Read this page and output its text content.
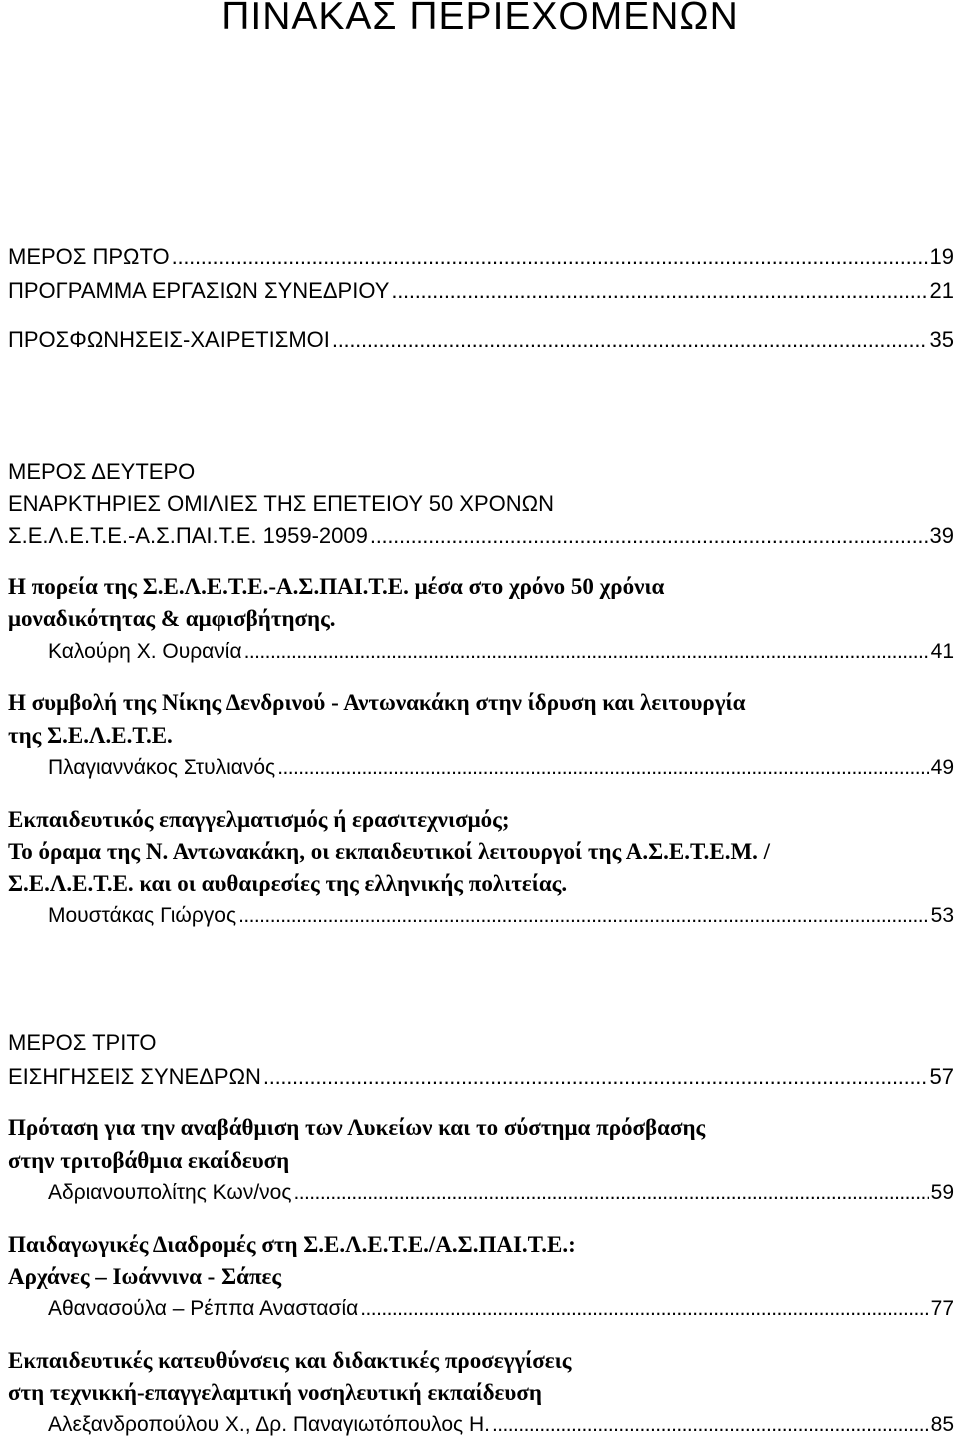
ΠΙΝΑΚΑΣ ΠΕΡΙΕΧΟΜΕΝΩΝ
ΜΕΡΟΣ ΠΡΩΤΟ . . .	19
ΠΡΟΓΡΑΜΜΑ ΕΡΓΑΣΙΩΝ ΣΥΝΕΔΡΙΟΥ . . .	21
ΠΡΟΣΦΩΝΗΣΕΙΣ-ΧΑΙΡΕΤΙΣΜΟΙ . . .	35
ΜΕΡΟΣ ΔΕΥΤΕΡΟ
ΕΝΑΡΚΤΗΡΙΕΣ ΟΜΙΛΙΕΣ ΤΗΣ ΕΠΕΤΕΙΟΥ 50 ΧΡΟΝΩΝ
Σ.Ε.Λ.Ε.Τ.Ε.-Α.Σ.ΠΑΙ.Τ.Ε. 1959-2009 . . .	39
Η πορεία της Σ.Ε.Λ.Ε.Τ.Ε.-Α.Σ.ΠΑΙ.Τ.Ε. μέσα στο χρόνο 50 χρόνια
μοναδικότητας & αμφισβήτησης.
Καλούρη Χ. Ουρανία . . .	41
Η συμβολή της Νίκης Δενδρινού - Αντωνακάκη στην ίδρυση και λειτουργία
της Σ.Ε.Λ.Ε.Τ.Ε.
Πλαγιαννάκος Στυλιανός . . .	49
Εκπαιδευτικός επαγγελματισμός ή ερασιτεχνισμός;
Το όραμα της Ν. Αντωνακάκη, οι εκπαιδευτικοί λειτουργοί της Α.Σ.Ε.Τ.Ε.Μ. /
Σ.Ε.Λ.Ε.Τ.Ε. και οι αυθαιρεσίες της ελληνικής πολιτείας.
Μουστάκας Γιώργος . . .	53
ΜΕΡΟΣ ΤΡΙΤΟ
ΕΙΣΗΓΗΣΕΙΣ ΣΥΝΕΔΡΩΝ . . .	57
Πρόταση για την αναβάθμιση των Λυκείων και το σύστημα πρόσβασης
στην τριτοβάθμια εκαίδευση
Αδριανουπολίτης Κων/νος . . .	59
Παιδαγωγικές Διαδρομές στη Σ.Ε.Λ.Ε.Τ.Ε./Α.Σ.ΠΑΙ.Τ.Ε.:
Αρχάνες – Ιωάννινα - Σάπες
Αθανασούλα – Ρέππα Αναστασία . . .	77
Εκπαιδευτικές κατευθύνσεις και διδακτικές προσεγγίσεις
στη τεχνικκή-επαγγελαμτική νοσηλευτική εκπαίδευση
Αλεξανδροπούλου Χ., Δρ. Παναγιωτόπουλος Η. . . .	85
